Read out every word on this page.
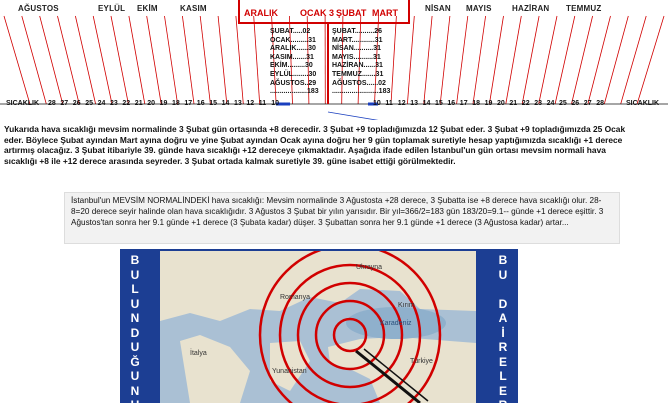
AĞUSTOS	EYLÜL EKİM	KASIM	ARALIK OCAK 3 ŞUBAT MART	NİSAN MAYIS	HAZİRAN TEMMUZ
ŞUBAT.....02
OCAK.........31
ARALIK......30
KASIM.......31
EKİM.........30
EYLÜL........30
AĞUSTOS..29
...................183
ŞUBAT..........26
MART............31
NİSAN..........31
MAYIS..........31
HAZİRAN......31
TEMMUZ.......31
AĞUSTOS......02
........................183
SICAKLIK	SICAKLIK
28 27 26 25 24 23 22 21 20 19 18 17 16 15 14 13 12 11 10	10 11 12 13 14 15 16 17 18 19 20 21 22 23 24 25 26 27 28
Yukarıda hava sıcaklığı mevsim normalinde 3 Şubat gün ortasında +8 derecedir. 3 Şubat +9 topladığımızda 12 Şubat eder. 3 Şubat +9 topladığımızda 25 Ocak eder. Böylece Şubat ayından Mart ayına doğru ve yine Şubat ayından Ocak ayına doğru her 9 gün toplamak suretiyle hesap yaptığımızda sıcaklığı +1 derece artırmış olacağız. 3 Şubat itibariyle 39. günde hava sıcaklığı +12 dereceye çıkmaktadır. Aşağıda ifade edilen İstanbul'un gün ortası mevsim normali hava sıcaklığı +8 ile +12 derece arasında seyreder. 3 Şubat ortada kalmak suretiyle 39. güne isabet ettiği görülmektedir.
İstanbul'un MEVSİM NORMALİNDEKİ hava sıcaklığı: Mevsim normalinde 3 Ağustosta +28 derece, 3 Şubatta ise +8 derece hava sıcaklığı olur. 28-8=20 derece seyir halinde olan hava sıcaklığıdır. 3 Ağustos 3 Şubat bir yılın yarısıdır. Bir yıl=366/2=183 gün 183/20=9.1-- günde +1 derece eşittir. 3 Ağustos'tan sonra her 9.1 günde +1 derece (3 Şubata kadar) düşer. 3 Şubattan sonra her 9.1 günde +1 derece (3 Ağustosa kadar) artar...
B
U
L
U
N
D
U
Ğ
U
N
U
B
U

D
A
İ
R
E
L
E
R
Ukrayna
Romanya
Karadeniz
Türkiye
Yunanistan
Kırım
İtalya
